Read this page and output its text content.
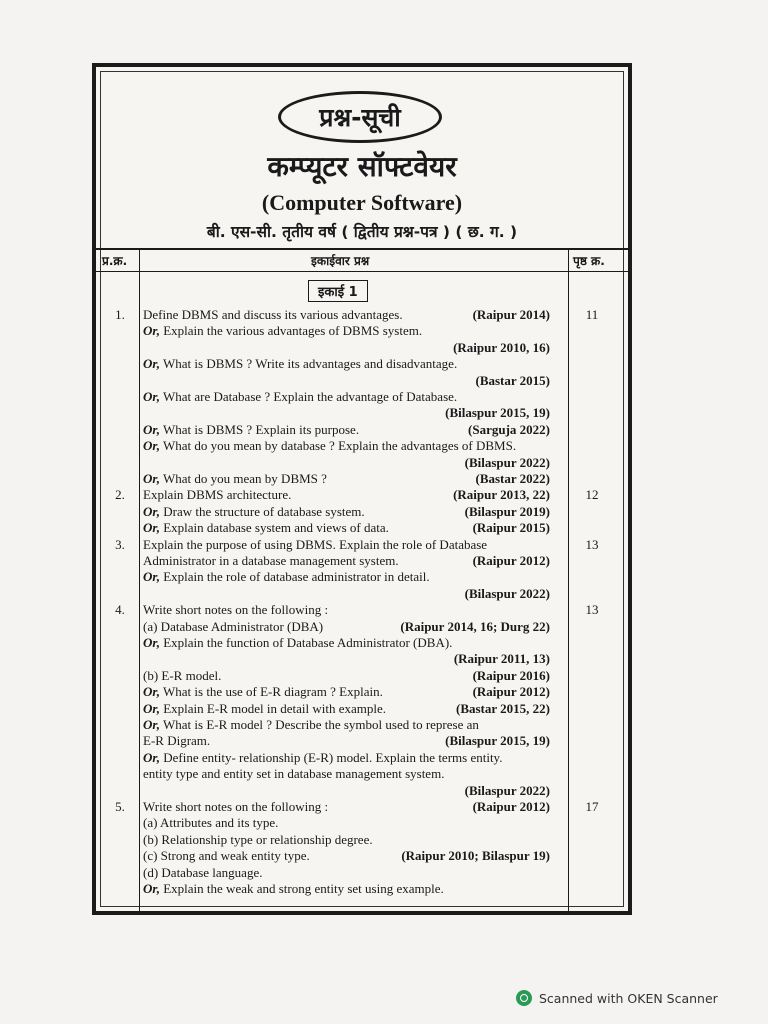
प्रश्न-सूची
कम्प्यूटर सॉफ्टवेयर
(Computer Software)
बी. एस-सी. तृतीय वर्ष ( द्वितीय प्रश्न-पत्र ) ( छ. ग. )
प्र.क्र.	इकाईवार प्रश्न	पृष्ठ क्र.
इकाई 1
1.	Define DBMS and discuss its various advantages.	(Raipur 2014)	11
Or, Explain the various advantages of DBMS system.
(Raipur 2010, 16)
Or, What is DBMS ? Write its advantages and disadvantage.
(Bastar 2015)
Or, What are Database ? Explain the advantage of Database.
(Bilaspur 2015, 19)
Or, What is DBMS ? Explain its purpose.	(Sarguja 2022)
Or, What do you mean by database ? Explain the advantages of DBMS.
(Bilaspur 2022)
Or, What do you mean by DBMS ?	(Bastar 2022)
2.	Explain DBMS architecture.	(Raipur 2013, 22)	12
Or, Draw the structure of database system.	(Bilaspur 2019)
Or, Explain database system and views of data.	(Raipur 2015)
3.	Explain the purpose of using DBMS. Explain the role of Database	13
Administrator in a database management system.	(Raipur 2012)
Or, Explain the role of database administrator in detail.
(Bilaspur 2022)
4.	Write short notes on the following :	13
(a) Database Administrator (DBA)	(Raipur 2014, 16; Durg 22)
Or, Explain the function of Database Administrator (DBA).
(Raipur 2011, 13)
(b) E-R model.	(Raipur 2016)
Or, What is the use of E-R diagram ? Explain.	(Raipur 2012)
Or, Explain E-R model in detail with example.	(Bastar 2015, 22)
Or, What is E-R model ? Describe the symbol used to represe an
E-R Digram.	(Bilaspur 2015, 19)
Or, Define entity- relationship (E-R) model. Explain the terms entity.
entity type and entity set in database management system.
(Bilaspur 2022)
5.	Write short notes on the following :	(Raipur 2012)	17
(a) Attributes and its type.
(b) Relationship type or relationship degree.
(c) Strong and weak entity type.	(Raipur 2010; Bilaspur 19)
(d) Database language.
Or, Explain the weak and strong entity set using example.
Scanned with OKEN Scanner
